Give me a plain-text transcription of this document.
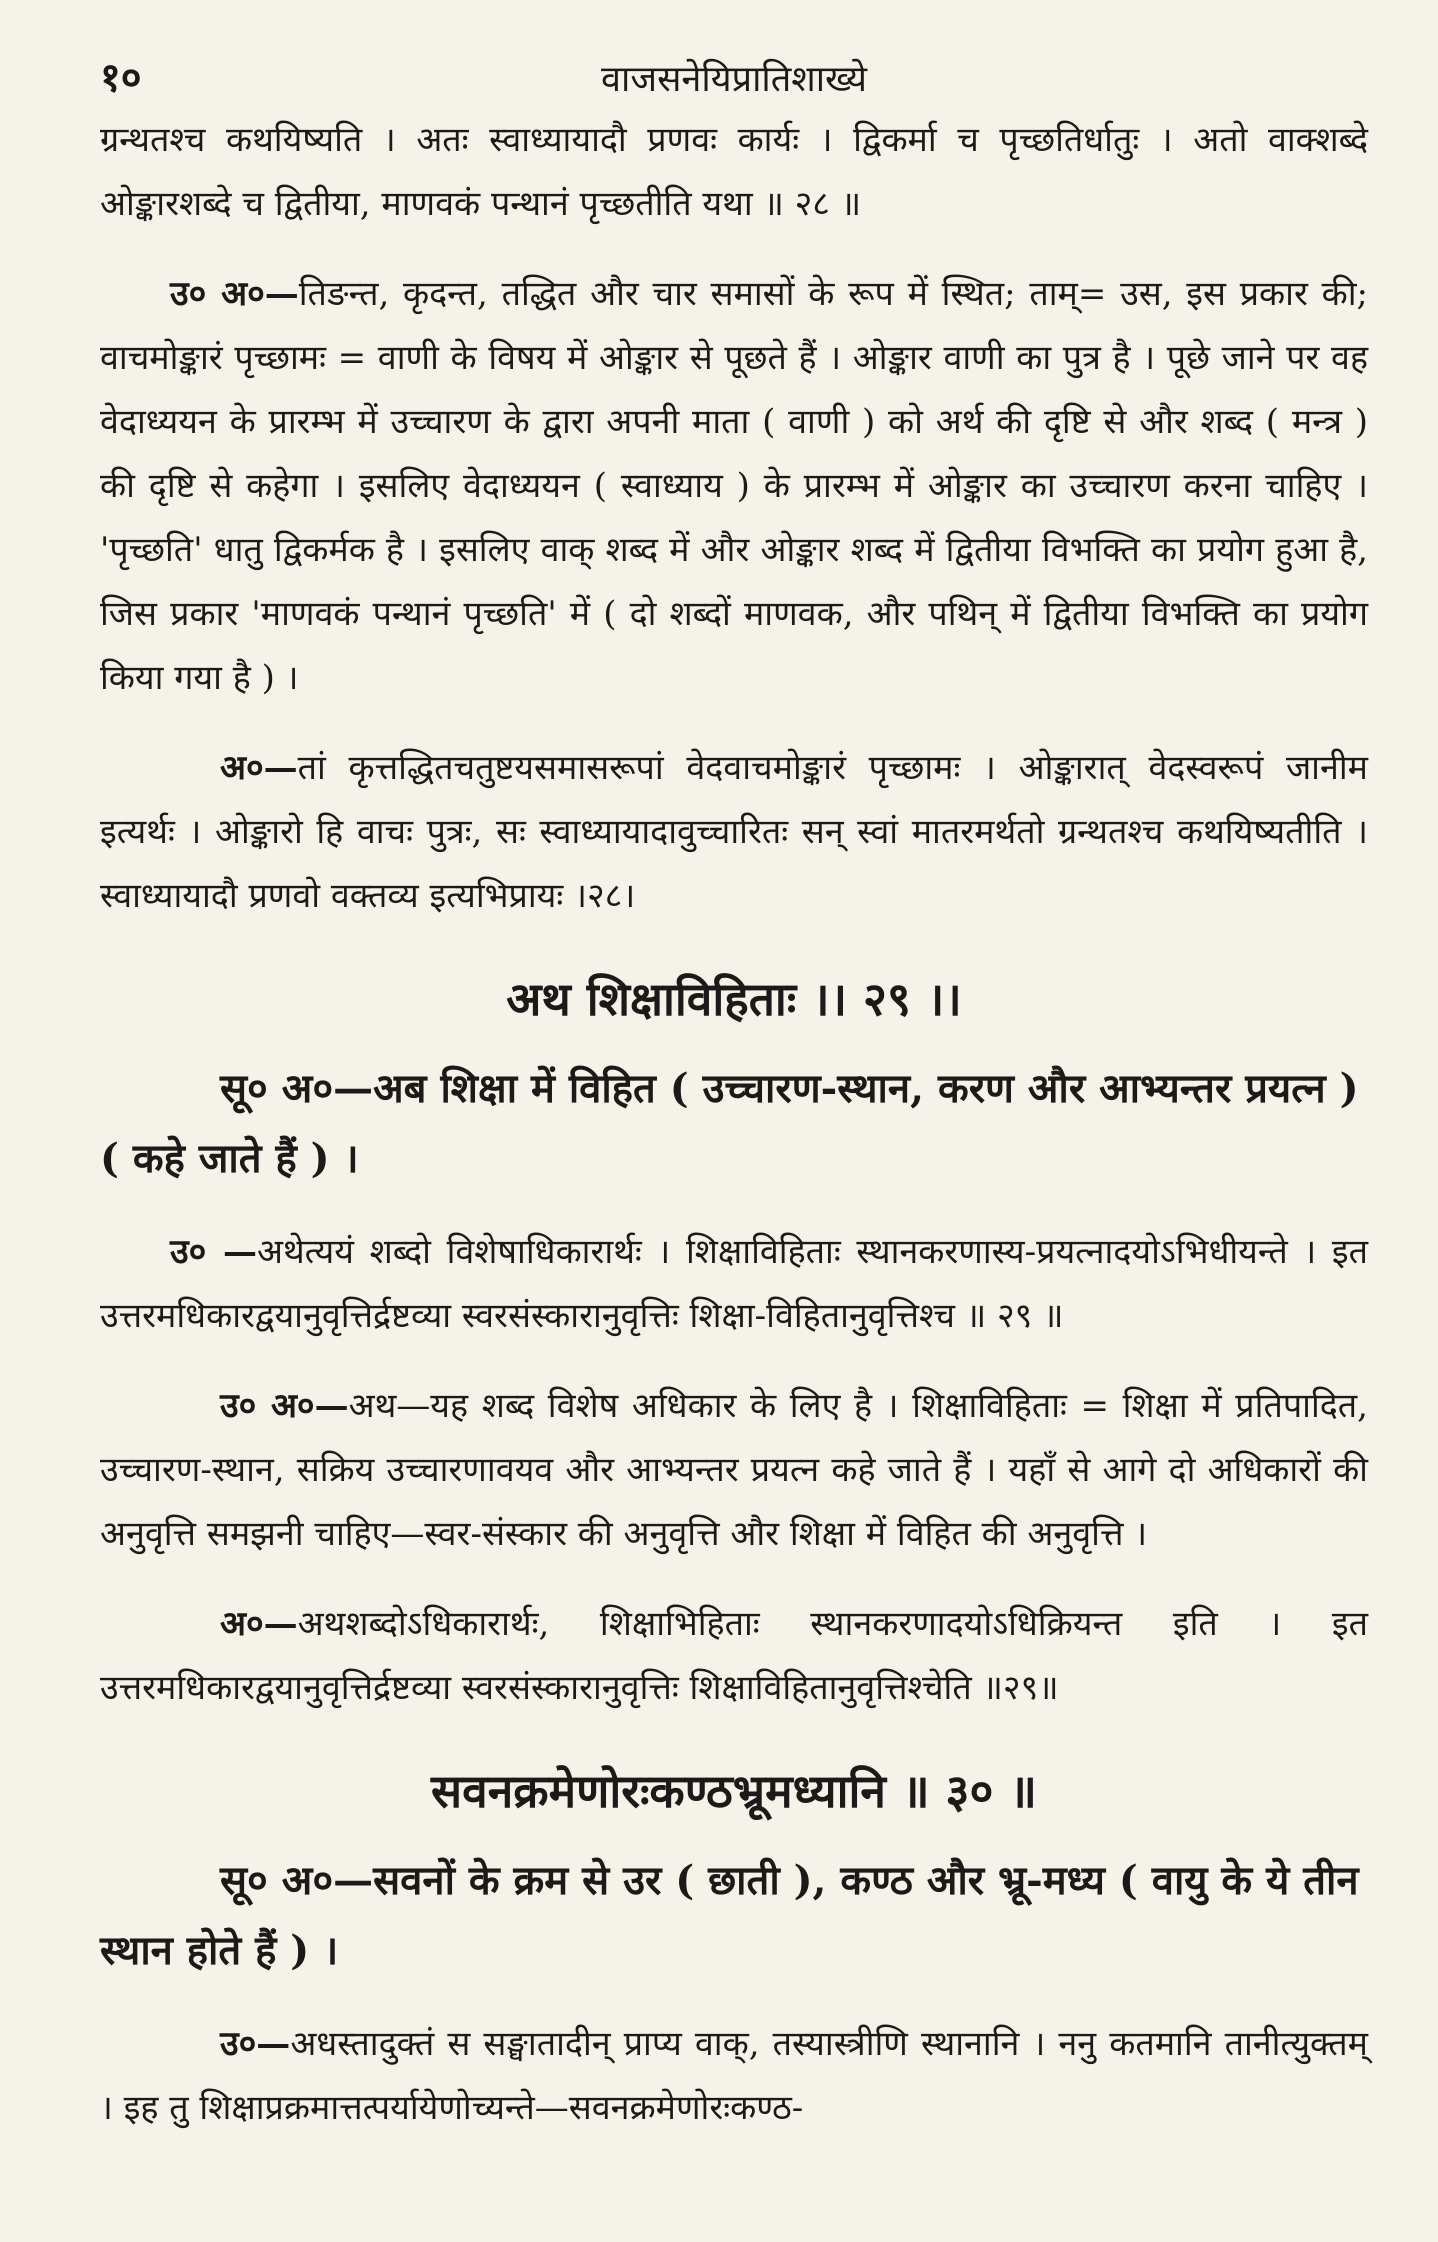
१०	वाजसनेयिप्रातिशाख्ये

ग्रन्थतश्च कथयिष्यति । अतः स्वाध्यायादौ प्रणवः कार्यः । द्विकर्मा च पृच्छतिर्धातुः । अतो वाक्शब्दे ओङ्कारशब्दे च द्वितीया, माणवकं पन्थानं पृच्छतीति यथा ॥ २८ ॥

उ० अ०—तिङन्त, कृदन्त, तद्धित और चार समासों के रूप में स्थित; ताम्= उस, इस प्रकार की; वाचमोङ्कारं पृच्छामः = वाणी के विषय में ओङ्कार से पूछते हैं । ओङ्कार वाणी का पुत्र है । पूछे जाने पर वह वेदाध्ययन के प्रारम्भ में उच्चारण के द्वारा अपनी माता ( वाणी ) को अर्थ की दृष्टि से और शब्द ( मन्त्र ) की दृष्टि से कहेगा । इसलिए वेदाध्ययन ( स्वाध्याय ) के प्रारम्भ में ओङ्कार का उच्चारण करना चाहिए । 'पृच्छति' धातु द्विकर्मक है । इसलिए वाक् शब्द में और ओङ्कार शब्द में द्वितीया विभक्ति का प्रयोग हुआ है, जिस प्रकार 'माणवकं पन्थानं पृच्छति' में ( दो शब्दों माणवक, और पथिन् में द्वितीया विभक्ति का प्रयोग किया गया है ) ।

अ०—तां कृत्तद्धितचतुष्टयसमासरूपां वेदवाचमोङ्कारं पृच्छामः । ओङ्कारात् वेदस्वरूपं जानीम इत्यर्थः । ओङ्कारो हि वाचः पुत्रः, सः स्वाध्यायादावुच्चारितः सन् स्वां मातरमर्थतो ग्रन्थतश्च कथयिष्यतीति । स्वाध्यायादौ प्रणवो वक्तव्य इत्यभिप्रायः ।२८।

अथ शिक्षाविहिताः ।। २९ ।।

सू० अ०—अब शिक्षा में विहित ( उच्चारण-स्थान, करण और आभ्यन्तर प्रयत्न ) ( कहे जाते हैं ) ।

उ० —अथेत्ययं शब्दो विशेषाधिकारार्थः । शिक्षाविहिताः स्थानकरणास्य-प्रयत्नादयोऽभिधीयन्ते । इत उत्तरमधिकारद्वयानुवृत्तिर्द्रष्टव्या स्वरसंस्कारानुवृत्तिः शिक्षा-विहितानुवृत्तिश्च ॥ २९ ॥

उ० अ०—अथ—यह शब्द विशेष अधिकार के लिए है । शिक्षाविहिताः = शिक्षा में प्रतिपादित, उच्चारण-स्थान, सक्रिय उच्चारणावयव और आभ्यन्तर प्रयत्न कहे जाते हैं । यहाँ से आगे दो अधिकारों की अनुवृत्ति समझनी चाहिए—स्वर-संस्कार की अनुवृत्ति और शिक्षा में विहित की अनुवृत्ति ।

अ०—अथशब्दोऽधिकारार्थः, शिक्षाभिहिताः स्थानकरणादयोऽधिक्रियन्त इति । इत उत्तरमधिकारद्वयानुवृत्तिर्द्रष्टव्या स्वरसंस्कारानुवृत्तिः शिक्षाविहितानुवृत्तिश्चेति ॥२९॥

सवनक्रमेणोरःकण्ठभ्रूमध्यानि ॥ ३० ॥

सू० अ०—सवनों के क्रम से उर ( छाती ), कण्ठ और भ्रू-मध्य ( वायु के ये तीन स्थान होते हैं ) ।

उ०—अधस्तादुक्तं स सङ्घातादीन् प्राप्य वाक्, तस्यास्त्रीणि स्थानानि । ननु कतमानि तानीत्युक्तम् । इह तु शिक्षाप्रक्रमात्तत्पर्यायेणोच्यन्ते—सवनक्रमेणोरःकण्ठ-
